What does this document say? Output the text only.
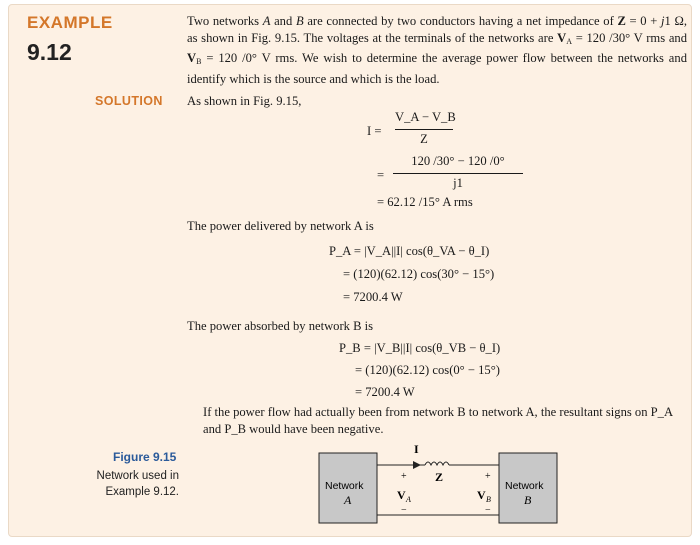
EXAMPLE
9.12
Two networks A and B are connected by two conductors having a net impedance of Z = 0 + j1 Ω, as shown in Fig. 9.15. The voltages at the terminals of the networks are $V_A = 120$ /30° V rms and $V_B = 120$ /0° V rms. We wish to determine the average power flow between the networks and identify which is the source and which is the load.
SOLUTION As shown in Fig. 9.15,
I =
V_A − V_B
Z
=
120 /30° − 120 /0°
j1
= 62.12 /15° A rms
The power delivered by network A is
P_A = |V_A||I| cos(θ_VA − θ_I)
= (120)(62.12) cos(30° − 15°)
= 7200.4 W
The power absorbed by network B is
P_B = |V_B||I| cos(θ_VB − θ_I)
= (120)(62.12) cos(0° − 15°)
= 7200.4 W
If the power flow had actually been from network B to network A, the resultant signs on P_A and P_B would have been negative.
Figure 9.15
Network used in Example 9.12.
I
Z
Network
A
Network
B
+
−
V A
+
−
V B
